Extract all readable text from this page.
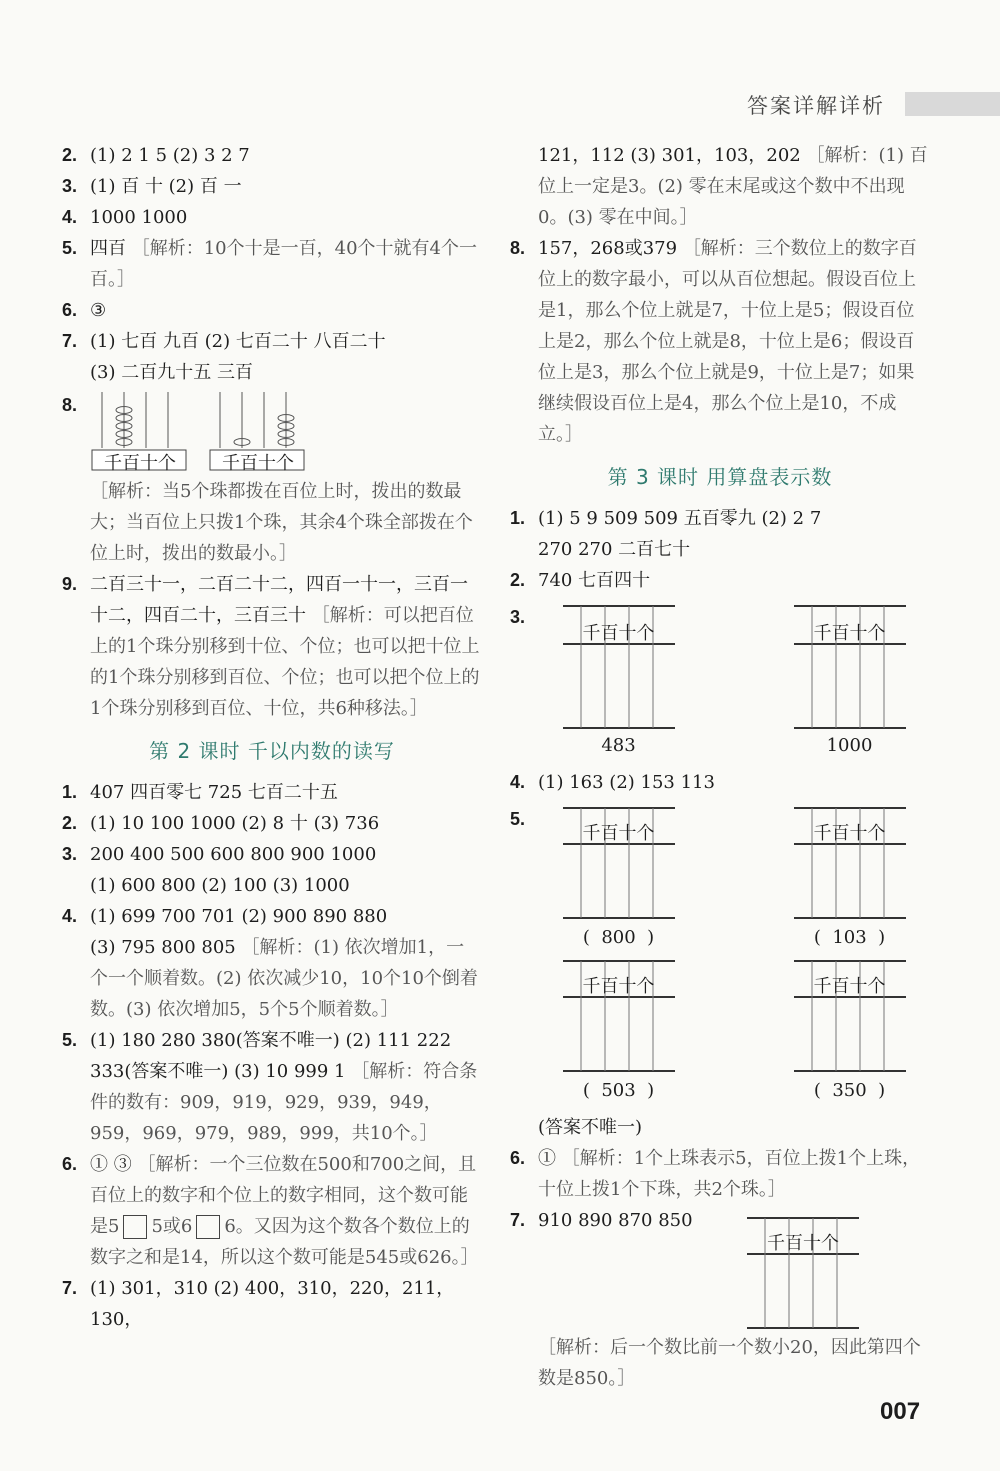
答案详解详析
2. (1) 2 1 5 (2) 3 2 7
3. (1) 百 十 (2) 百 一
4. 1000 1000
5. 四百 ［解析：10个十是一百，40个十就有4个一百。］
6. ③
7. (1) 七百 九百 (2) 七百二十 八百二十
(3) 二百九十五 三百
8.
千百十个	千百十个
［解析：当5个珠都拨在百位上时，拨出的数最大；当百位上只拨1个珠，其余4个珠全部拨在个位上时，拨出的数最小。］
9. 二百三十一，二百二十二，四百一十一，三百一十二，四百二十，三百三十 ［解析：可以把百位上的1个珠分别移到十位、个位；也可以把十位上的1个珠分别移到百位、个位；也可以把个位上的1个珠分别移到百位、十位，共6种移法。］
第 2 课时 千以内数的读写
1. 407 四百零七 725 七百二十五
2. (1) 10 100 1000 (2) 8 十 (3) 736
3. 200 400 500 600 800 900 1000
(1) 600 800 (2) 100 (3) 1000
4. (1) 699 700 701 (2) 900 890 880
(3) 795 800 805 ［解析：(1) 依次增加1，一个一个顺着数。(2) 依次减少10，10个10个倒着数。(3) 依次增加5，5个5个顺着数。］
5. (1) 180 280 380(答案不唯一) (2) 111 222 333(答案不唯一) (3) 10 999 1 ［解析：符合条件的数有：909，919，929，939，949，959，969，979，989，999，共10个。］
6. ① ③ ［解析：一个三位数在500和700之间，且百位上的数字和个位上的数字相同，这个数可能是5 5或6 6。又因为这个数各个数位上的数字之和是14，所以这个数可能是545或626。］
7. (1) 301，310 (2) 400，310，220，211，130，
121，112 (3) 301，103，202 ［解析：(1) 百位上一定是3。(2) 零在末尾或这个数中不出现0。(3) 零在中间。］
8. 157，268或379 ［解析：三个数位上的数字百位上的数字最小，可以从百位想起。假设百位上是1，那么个位上就是7，十位上是5；假设百位上是2，那么个位上就是8，十位上是6；假设百位上是3，那么个位上就是9，十位上是7；如果继续假设百位上是4，那么个位上是10，不成立。］
第 3 课时 用算盘表示数
1. (1) 5 9 509 509 五百零九 (2) 2 7
270 270 二百七十
2. 740 七百四十
3.
千百十个
483
千百十个
1000
4. (1) 163 (2) 153 113
5.
千百十个
(  800  )
千百十个
(  103  )
千百十个
(  503  )
千百十个
(  350  )
(答案不唯一)
6. ① ［解析：1个上珠表示5，百位上拨1个上珠，十位上拨1个下珠，共2个珠。］
7. 910 890 870 850
千百十个
［解析：后一个数比前一个数小20，因此第四个数是850。］
007
